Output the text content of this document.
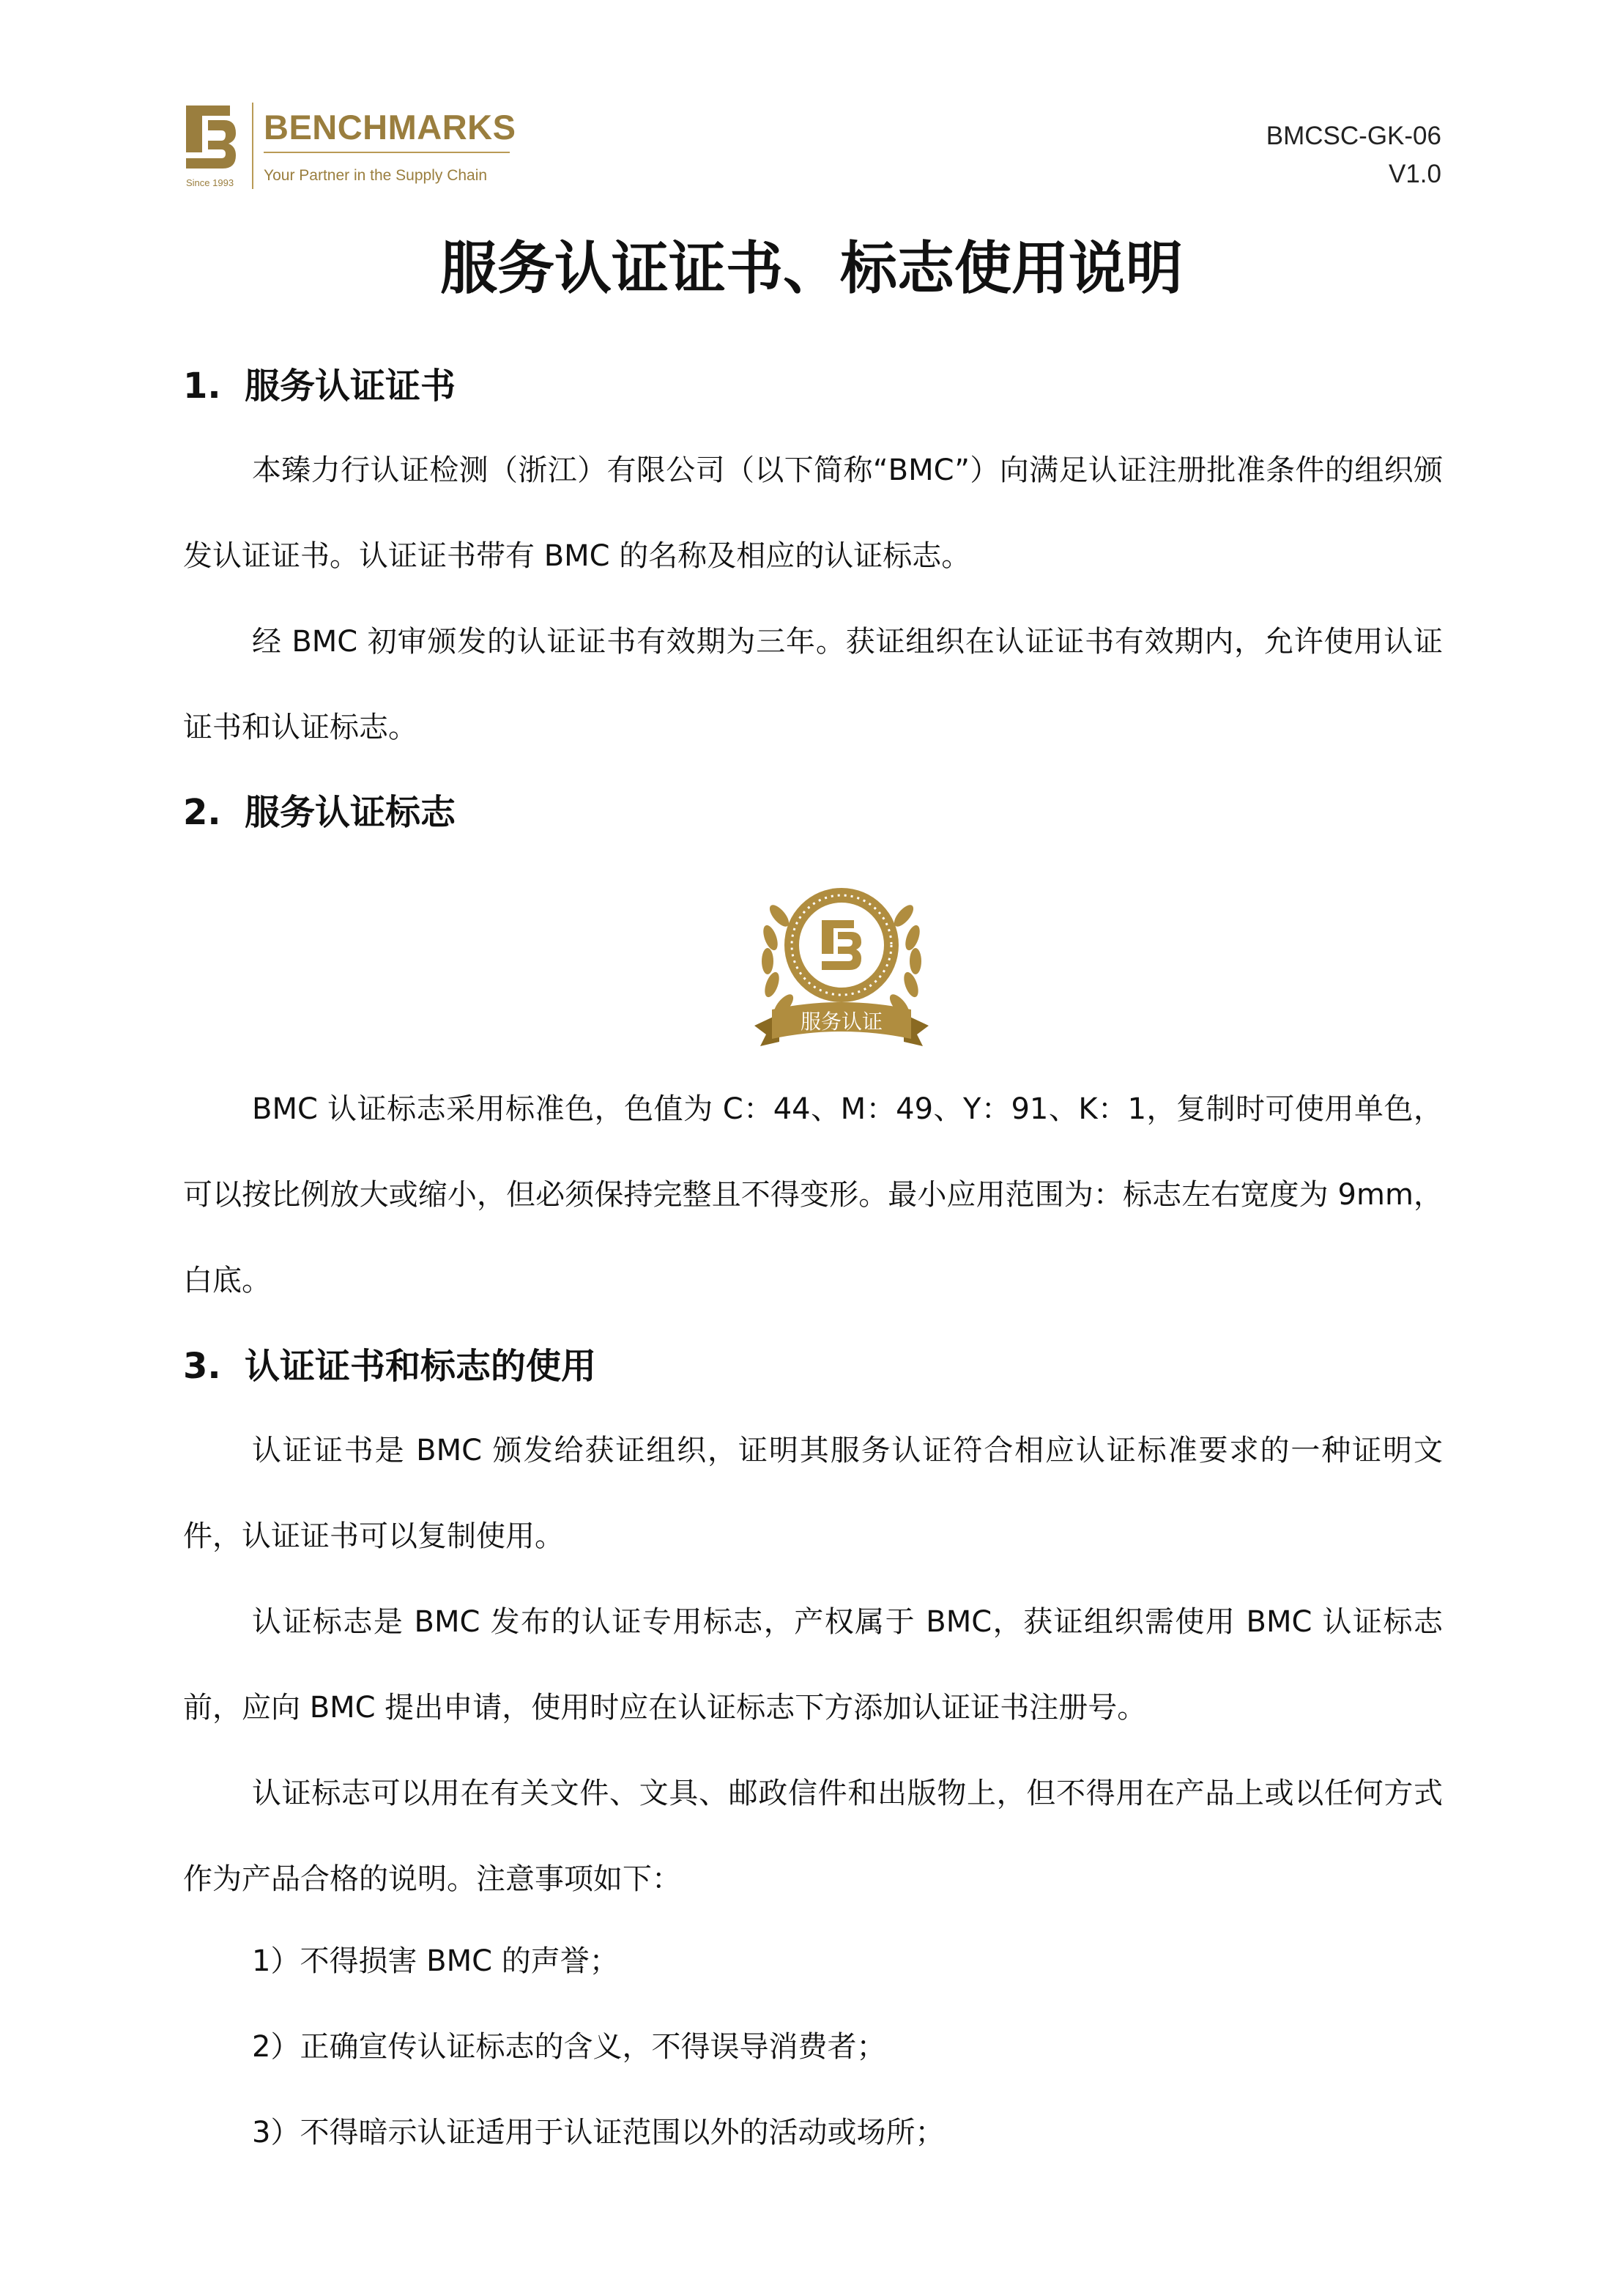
Since 1993
BENCHMARKS
Your Partner in the Supply Chain
BMCSC-GK-06
V1.0
服务认证证书、标志使用说明
1. 服务认证证书

本臻力行认证检测（浙江）有限公司（以下简称“BMC”）向满足认证注册批准条件的组织颁发认证证书。认证证书带有 BMC 的名称及相应的认证标志。

经 BMC 初审颁发的认证证书有效期为三年。获证组织在认证证书有效期内，允许使用认证证书和认证标志。

2. 服务认证标志
服务认证

BMC 认证标志采用标准色，色值为 C：44、M：49、Y：91、K：1，复制时可使用单色，可以按比例放大或缩小，但必须保持完整且不得变形。最小应用范围为：标志左右宽度为 9mm，白底。

3. 认证证书和标志的使用

认证证书是 BMC 颁发给获证组织，证明其服务认证符合相应认证标准要求的一种证明文件，认证证书可以复制使用。

认证标志是 BMC 发布的认证专用标志，产权属于 BMC，获证组织需使用 BMC 认证标志前，应向 BMC 提出申请，使用时应在认证标志下方添加认证证书注册号。

认证标志可以用在有关文件、文具、邮政信件和出版物上，但不得用在产品上或以任何方式作为产品合格的说明。注意事项如下：

1）不得损害 BMC 的声誉；

2）正确宣传认证标志的含义，不得误导消费者；

3）不得暗示认证适用于认证范围以外的活动或场所；
